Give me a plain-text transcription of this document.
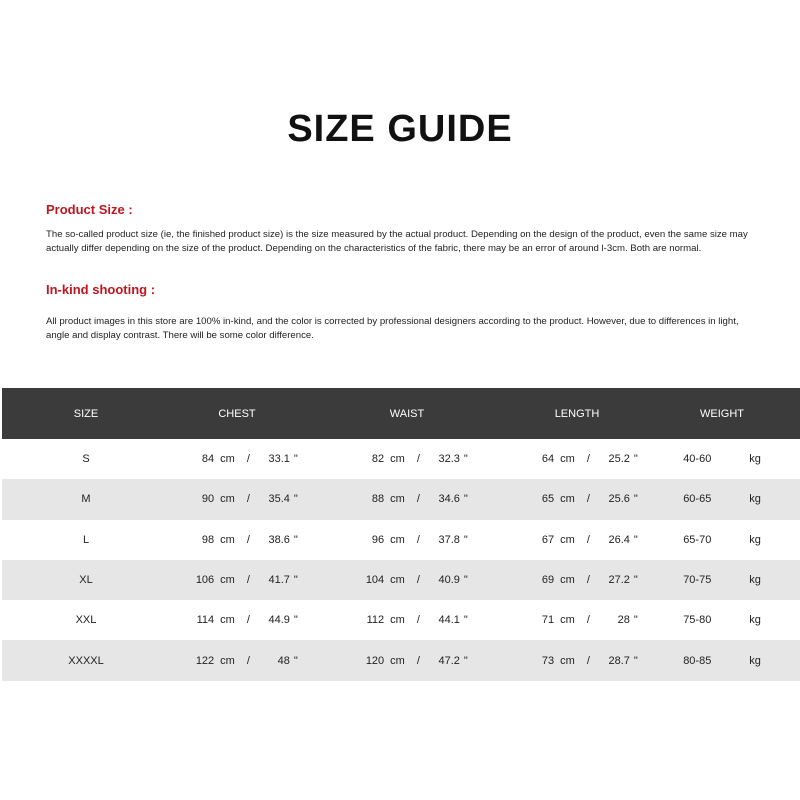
SIZE GUIDE

Product Size :

The so-called product size (ie, the finished product size) is the size measured by the actual product. Depending on the design of the product, even the same size may actually differ depending on the size of the product. Depending on the characteristics of the fabric, there may be an error of around l-3cm. Both are normal.

In-kind shooting :

All product images in this store are 100% in-kind, and the color is corrected by professional designers according to the product. However, due to differences in light, angle and display contrast. There will be some color difference.

SIZE	CHEST	WAIST	LENGTH	WEIGHT
S	84 cm /	33.1 "	82 cm /	32.3 "	64 cm /	25.2 "	40-60	kg
M	90 cm /	35.4 "	88 cm /	34.6 "	65 cm /	25.6 "	60-65	kg
L	98 cm /	38.6 "	96 cm /	37.8 "	67 cm /	26.4 "	65-70	kg
XL	106 cm /	41.7 "	104 cm /	40.9 "	69 cm /	27.2 "	70-75	kg
XXL	114 cm /	44.9 "	112 cm /	44.1 "	71 cm /	28 "	75-80	kg
XXXXL	122 cm /	48 "	120 cm /	47.2 "	73 cm /	28.7 "	80-85	kg
